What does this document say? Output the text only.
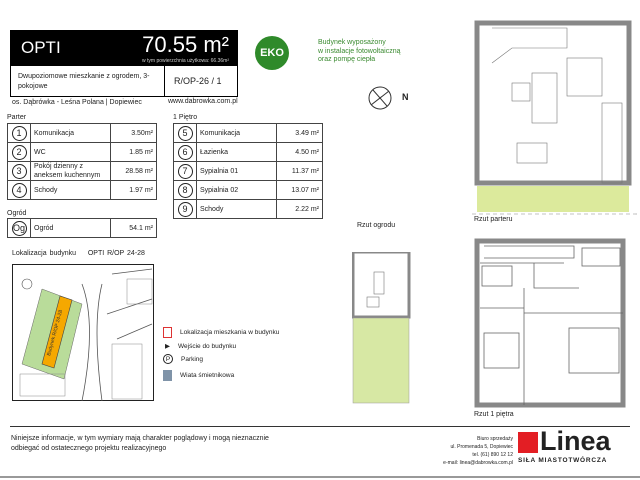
OPTI	70.55 m²
w tym powierzchnia użytkowa: 66.36m²
Dwupoziomowe mieszkanie z ogrodem, 3-pokojowe
R/OP-26 / 1
os. Dąbrówka - Leśna Polana | Dopiewiec	www.dabrowka.com.pl
EKO
Budynek wyposażony
w instalacje fotowoltaiczną
oraz pompę ciepła
N
Parter
1	Komunikacja	3.50m²
2	WC	1.85 m²
3	Pokój dzienny z aneksem kuchennym	28.58 m²
4	Schody	1.97 m²
1 Piętro
5	Komunikacja	3.49 m²
6	Łazienka	4.50 m²
7	Sypialnia 01	11.37 m²
8	Sypialnia 02	13.07 m²
9	Schody	2.22 m²
Ogród
Og	Ogród	54.1 m²
Lokalizacja budynku OPTI R/OP 24-28
Budynek R/OP 24-28	Lokalizacja mieszkania w budynku
▶ Wejście do budynku
P Parking
Wiata śmietnikowa
Rzut ogrodu
Rzut parteru
Rzut 1 piętra
Niniejsze informacje, w tym wymiary mają charakter poglądowy i mogą nieznacznie
odbiegać od ostatecznego projektu realizacyjnego
Biuro sprzedaży
ul. Promenada 5, Dopiewiec
tel. (61) 890 12 12
e-mail: linea@dabrowka.com.pl
Linea
SIŁA MIASTOTWÓRCZA
